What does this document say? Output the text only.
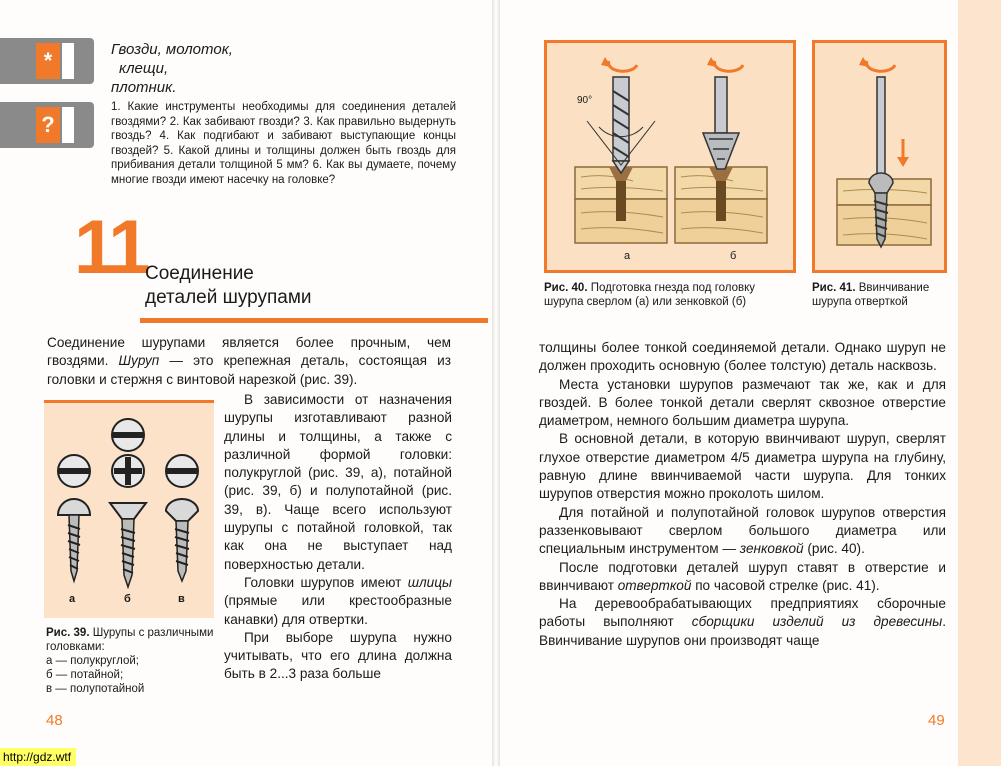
*
?
Гвозди, молоток,
клещи,
плотник.
1. Какие инструменты необходимы для соединения деталей гвоздями? 2. Как забивают гвозди? 3. Как правильно выдернуть гвоздь? 4. Как подгибают и забивают выступающие концы гвоздей? 5. Какой длины и толщины должен быть гвоздь для прибивания детали толщиной 5 мм? 6. Как вы думаете, почему многие гвозди имеют насечку на головке?
11
Соединение
деталей шурупами

Соединение шурупами является более прочным, чем гвоздями. Шуруп — это крепежная деталь, состоящая из головки и стержня с винтовой нарезкой (рис. 39).

а	б	в
Рис. 39. Шурупы с различными головками:
а — полукруглой;
б — потайной;
в — полупотайной

В зависимости от назначения шурупы изготавливают разной длины и толщины, а также с различной формой головки: полукруглой (рис. 39, а), потайной (рис. 39, б) и полупотайной (рис. 39, в). Чаще всего используют шурупы с потайной головкой, так как она не выступает над поверхностью детали.

Головки шурупов имеют шлицы (прямые или крестообразные канавки) для отвертки.

При выборе шурупа нужно учитывать, что его длина должна быть в 2...3 раза больше

48
90°
а	б
Рис. 40. Подготовка гнезда под головку шурупа сверлом (а) или зенковкой (б)
Рис. 41. Ввинчивание шурупа отверткой

толщины более тонкой соединяемой детали. Однако шуруп не должен проходить основную (более толстую) деталь насквозь.

Места установки шурупов размечают так же, как и для гвоздей. В более тонкой детали сверлят сквозное отверстие диаметром, немного большим диаметра шурупа.

В основной детали, в которую ввинчивают шуруп, сверлят глухое отверстие диаметром 4/5 диаметра шурупа на глубину, равную длине ввинчиваемой части шурупа. Для тонких шурупов отверстия можно проколоть шилом.

Для потайной и полупотайной головок шурупов отверстия раззенковывают сверлом большого диаметра или специальным инструментом — зенковкой (рис. 40).

После подготовки деталей шуруп ставят в отверстие и ввинчивают отверткой по часовой стрелке (рис. 41).

На деревообрабатывающих предприятиях сборочные работы выполняют сборщики изделий из древесины. Ввинчивание шурупов они производят чаще

49
http://gdz.wtf
